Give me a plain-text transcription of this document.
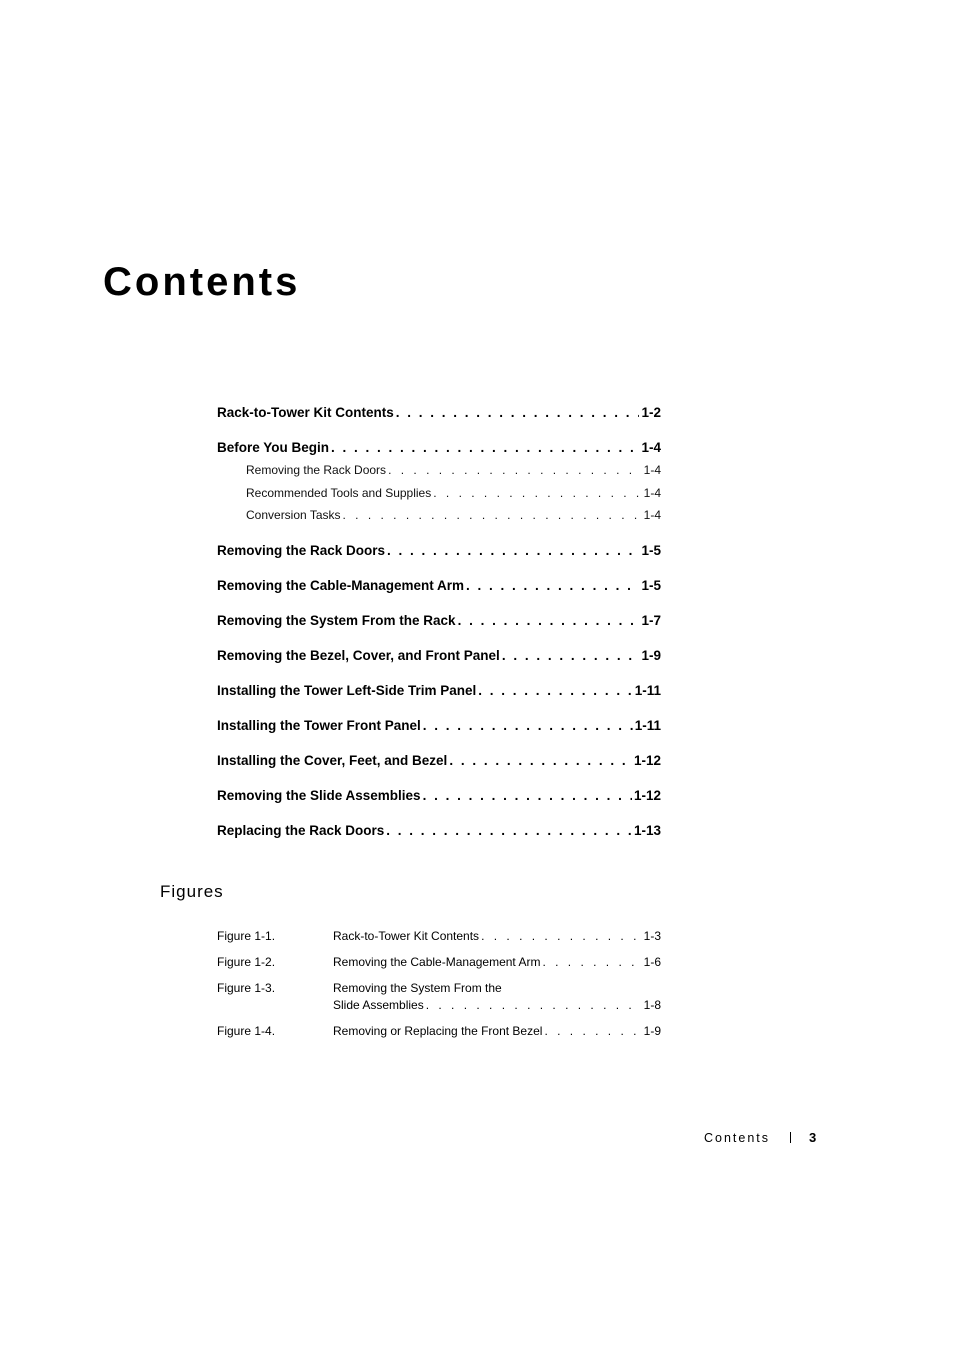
Contents
Rack-to-Tower Kit Contents . . .	1-2
Before You Begin . . .	1-4
Removing the Rack Doors . . .	1-4
Recommended Tools and Supplies . . .	1-4
Conversion Tasks . . .	1-4
Removing the Rack Doors . . .	1-5
Removing the Cable-Management Arm . . .	1-5
Removing the System From the Rack . . .	1-7
Removing the Bezel, Cover, and Front Panel . . .	1-9
Installing the Tower Left-Side Trim Panel . . .	1-11
Installing the Tower Front Panel . . .	1-11
Installing the Cover, Feet, and Bezel . . .	1-12
Removing the Slide Assemblies . . .	1-12
Replacing the Rack Doors . . .	1-13
Figures
Figure 1-1.	Rack-to-Tower Kit Contents . . .	1-3
Figure 1-2.	Removing the Cable-Management Arm . . .	1-6
Figure 1-3.	Removing the System From the
Slide Assemblies . . .	1-8
Figure 1-4.	Removing or Replacing the Front Bezel . . .	1-9
Contents	3
